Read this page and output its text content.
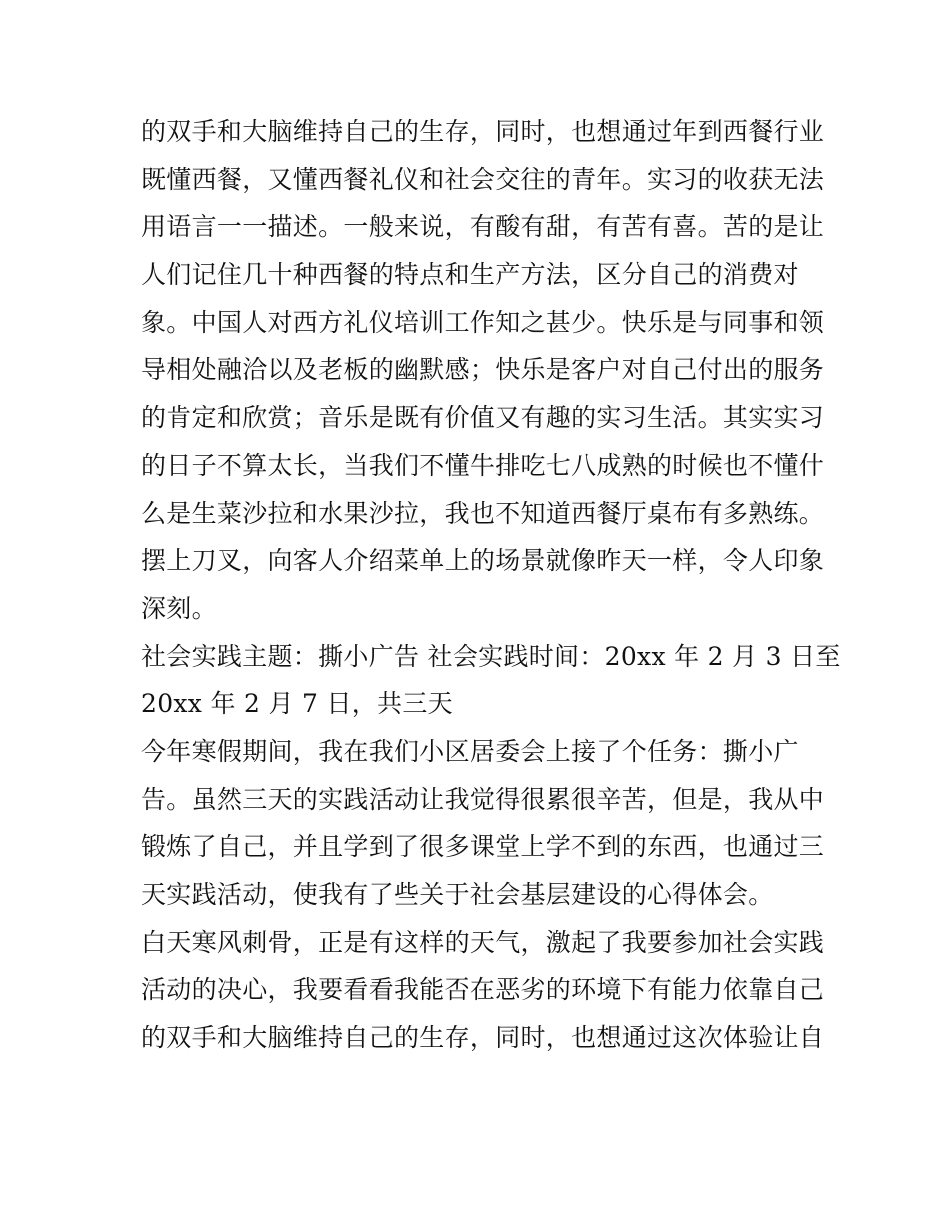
的双手和大脑维持自己的生存，同时，也想通过年到西餐行业
既懂西餐，又懂西餐礼仪和社会交往的青年。实习的收获无法
用语言一一描述。一般来说，有酸有甜，有苦有喜。苦的是让
人们记住几十种西餐的特点和生产方法，区分自己的消费对
象。中国人对西方礼仪培训工作知之甚少。快乐是与同事和领
导相处融洽以及老板的幽默感；快乐是客户对自己付出的服务
的肯定和欣赏；音乐是既有价值又有趣的实习生活。其实实习
的日子不算太长，当我们不懂牛排吃七八成熟的时候也不懂什
么是生菜沙拉和水果沙拉，我也不知道西餐厅桌布有多熟练。
摆上刀叉，向客人介绍菜单上的场景就像昨天一样，令人印象
深刻。
社会实践主题：撕小广告 社会实践时间：20xx 年 2 月 3 日至
20xx 年 2 月 7 日，共三天
今年寒假期间，我在我们小区居委会上接了个任务：撕小广
告。虽然三天的实践活动让我觉得很累很辛苦，但是，我从中
锻炼了自己，并且学到了很多课堂上学不到的东西，也通过三
天实践活动，使我有了些关于社会基层建设的心得体会。
白天寒风刺骨，正是有这样的天气，激起了我要参加社会实践
活动的决心，我要看看我能否在恶劣的环境下有能力依靠自己
的双手和大脑维持自己的生存，同时，也想通过这次体验让自
